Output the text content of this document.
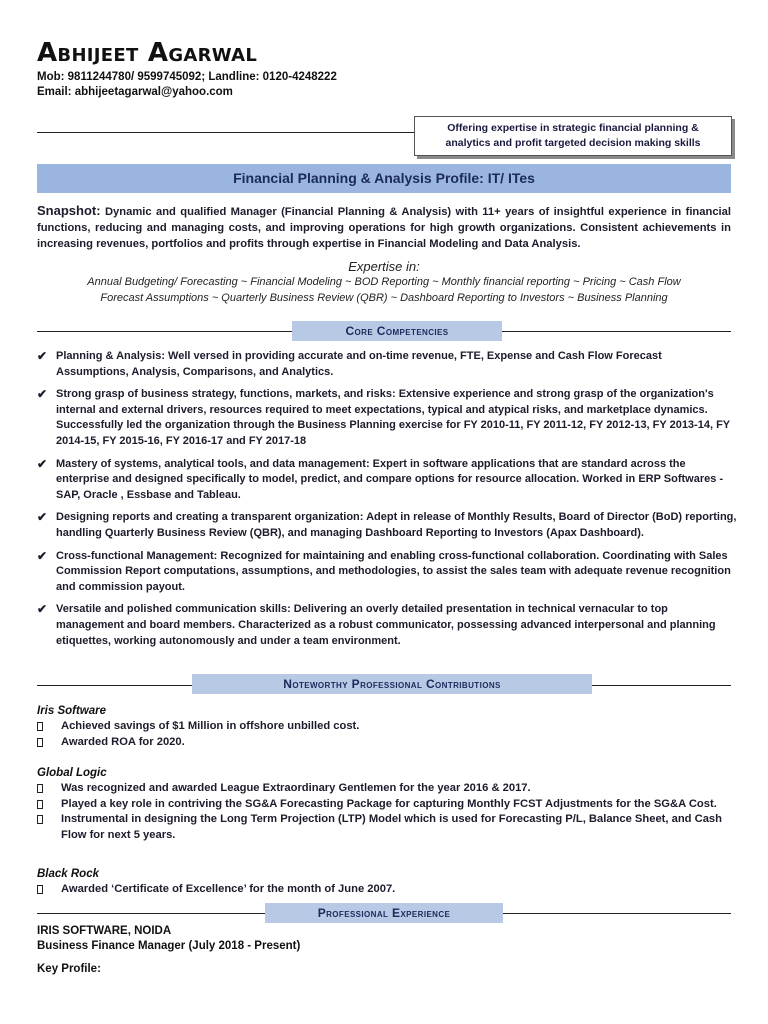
Abhijeet Agarwal
Mob: 9811244780/ 9599745092; Landline: 0120-4248222
Email: abhijeetagarwal@yahoo.com
Offering expertise in strategic financial planning &
analytics and profit targeted decision making skills
Financial Planning & Analysis Profile: IT/ ITes
Snapshot: Dynamic and qualified Manager (Financial Planning & Analysis) with 11+ years of insightful experience in financial functions, reducing and managing costs, and improving operations for high growth organizations. Consistent achievements in increasing revenues, portfolios and profits through expertise in Financial Modeling and Data Analysis.
Expertise in:
Annual Budgeting/ Forecasting ~ Financial Modeling ~ BOD Reporting ~ Monthly financial reporting ~ Pricing ~ Cash Flow
Forecast Assumptions ~ Quarterly Business Review (QBR) ~ Dashboard Reporting to Investors ~ Business Planning
Core Competencies
✔ Planning & Analysis: Well versed in providing accurate and on-time revenue, FTE, Expense and Cash Flow Forecast Assumptions, Analysis, Comparisons, and Analytics.
✔ Strong grasp of business strategy, functions, markets, and risks: Extensive experience and strong grasp of the organization's internal and external drivers, resources required to meet expectations, typical and atypical risks, and marketplace dynamics. Successfully led the organization through the Business Planning exercise for FY 2010-11, FY 2011-12, FY 2012-13, FY 2013-14, FY 2014-15, FY 2015-16, FY 2016-17 and FY 2017-18
✔ Mastery of systems, analytical tools, and data management: Expert in software applications that are standard across the enterprise and designed specifically to model, predict, and compare options for resource allocation. Worked in ERP Softwares - SAP, Oracle , Essbase and Tableau.
✔ Designing reports and creating a transparent organization: Adept in release of Monthly Results, Board of Director (BoD) reporting, handling Quarterly Business Review (QBR), and managing Dashboard Reporting to Investors (Apax Dashboard).
✔ Cross-functional Management: Recognized for maintaining and enabling cross-functional collaboration. Coordinating with Sales Commission Report computations, assumptions, and methodologies, to assist the sales team with adequate revenue recognition and commission payout.
✔ Versatile and polished communication skills: Delivering an overly detailed presentation in technical vernacular to top management and board members. Characterized as a robust communicator, possessing advanced interpersonal and planning etiquettes, working autonomously and under a team environment.
Noteworthy Professional Contributions
Iris Software
Achieved savings of $1 Million in offshore unbilled cost.
Awarded ROA for 2020.
Global Logic
Was recognized and awarded League Extraordinary Gentlemen for the year 2016 & 2017.
Played a key role in contriving the SG&A Forecasting Package for capturing Monthly FCST Adjustments for the SG&A Cost.
Instrumental in designing the Long Term Projection (LTP) Model which is used for Forecasting P/L, Balance Sheet, and Cash Flow for next 5 years.
Black Rock
Awarded ‘Certificate of Excellence’ for the month of June 2007.
Professional Experience
IRIS SOFTWARE, NOIDA
Business Finance Manager (July 2018 - Present)
Key Profile:
